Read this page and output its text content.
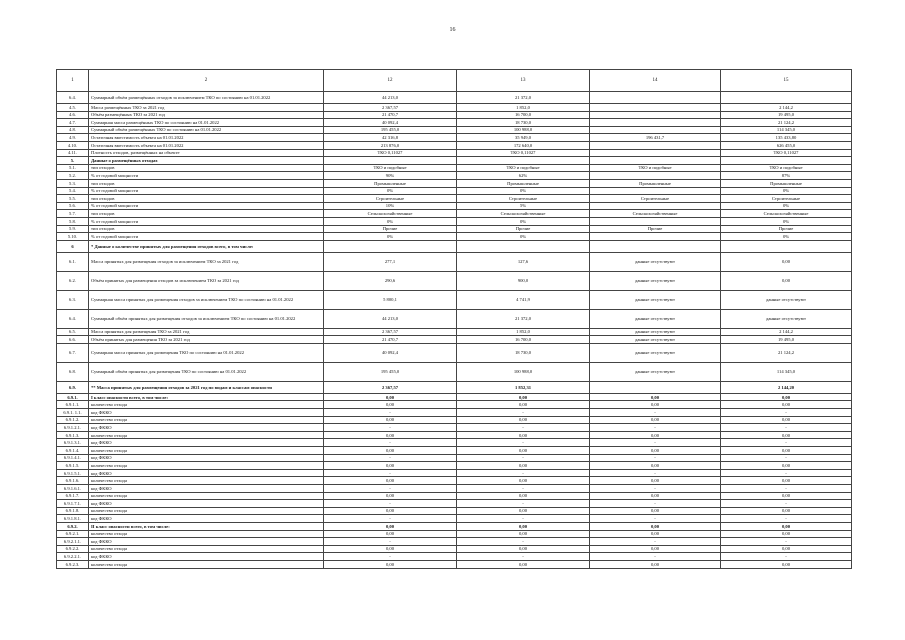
16
1	2	12	13	14	15
6.4.	Суммарный объём размещённых отходов за исключением ТКО по состоянию на 01.01.2022	44 213,0	21 372,0		
4.5.	Масса размещённых ТКО за 2021 год	2 367,57	1 852,0		2 144,2
4.6.	Объём размещённых ТКО за 2021 год	21 470,7	16 700,0		19 495,0
4.7.	Суммарная масса размещённых ТКО по состоянию на 01.01.2022	40 092,4	18 730,0		21 124,2
4.8.	Суммарный объём размещённых ТКО по состоянию на 01.01.2022	195 455,0	100 988,0		114 345,0
4.9.	Остаточная вместимость объекта на 01.01.2022	42 316,8	35 949,0	196 431,7	135 433,80
4.10.	Остаточная вместимость объекта на 01.01.2022	213 876,0	172 640,0		626 455,0
4.11.	Плотность отходов, размещённых на объекте	ТКО 0,11027	ТКО 0,11027		ТКО 0,11027
5.	Данные о размещённых отходах				
5.1.	тип отходов	ТКО и подобные	ТКО и подобные	ТКО и подобные	ТКО и подобные
5.2.	% от годовой мощности	90%	62%		87%
5.3.	тип отходов	Промышленные	Промышленные	Промышленные	Промышленные
5.4.	% от годовой мощности	0%	0%		0%
5.5.	тип отходов	Строительные	Строительные	Строительные	Строительные
5.6.	% от годовой мощности	10%	5%		0%
5.7.	тип отходов	Сельскохозяйственные	Сельскохозяйственные	Сельскохозяйственные	Сельскохозяйственные
5.8.	% от годовой мощности	0%	0%		0%
5.9.	тип отходов	Прочие	Прочие	Прочие	Прочие
5.10.	% от годовой мощности	0%	0%		0%
6	* Данные о количестве принятых для размещения отходов всего, в том числе:				
6.1.	Масса принятых для размещения отходов за исключением ТКО за 2021 год	277,1	127,6	данные отсутствуют	0,00
6.2.	Объём принятых для размещения отходов за исключением ТКО за 2021 год	290,6	900,0	данные отсутствуют	0,00
6.3.	Суммарная масса принятых для размещения отходов за исключением ТКО по состоянию на 01.01.2022	5 800,1	4 741,9	данные отсутствуют	данные отсутствуют
6.4.	Суммарный объём принятых для размещения отходов за исключением ТКО по состоянию на 01.01.2022	44 213,0	21 372,0	данные отсутствуют	данные отсутствуют
6.5.	Масса принятых для размещения ТКО за 2021 год	2 367,57	1 852,0	данные отсутствуют	2 144,2
6.6.	Объём принятых для размещения ТКО за 2021 год	21 470,7	16 700,0	данные отсутствуют	19 495,0
6.7.	Суммарная масса принятых для размещения ТКО по состоянию на 01.01.2022	40 092,4	18 730,0	данные отсутствуют	21 124,2
6.8.	Суммарный объём принятых для размещения ТКО по состоянию на 01.01.2022	195 455,0	100 988,0	данные отсутствуют	114 345,0
6.9.	** Масса принятых для размещения отходов за 2021 год по видам и классам опасности	2 367,57	1 852,31		2 144,20
6.9.1.	I класс опасности всего, в том числе:	0,00	0,00	0,00	0,00
6.9.1.1.	количество отхода	0,00	0,00	0,00	0,00
6.9.1. 1.1.	код ФККО	-	-	-	-
6.9.1.2.	количество отхода	0,00	0,00	0,00	0,00
6.9.1.2.1.	код ФККО	-	-	-	-
6.9.1.3.	количество отхода	0,00	0,00	0,00	0,00
6.9.1.3.1.	код ФККО	-	-	-	-
6.9.1.4.	количество отхода	0,00	0,00	0,00	0,00
6.9.1.4.1.	код ФККО	-	-	-	-
6.9.1.5.	количество отхода	0,00	0,00	0,00	0,00
6.9.1.5.1.	код ФККО	-	-	-	-
6.9.1.6.	количество отхода	0,00	0,00	0,00	0,00
6.9.1.6.1.	код ФККО	-	-	-	-
6.9.1.7.	количество отхода	0,00	0,00	0,00	0,00
6.9.1.7.1.	код ФККО	-	-	-	-
6.9.1.8.	количество отхода	0,00	0,00	0,00	0,00
6.9.1.8.1.	код ФККО	-	-	-	-
6.9.2.	II класс опасности всего, в том числе:	0,00	0,00	0,00	0,00
6.9.2.1.	количество отхода	0,00	0,00	0,00	0,00
6.9.2.1.1.	код ФККО	-	-	-	-
6.9.2.2.	количество отхода	0,00	0,00	0,00	0,00
6.9.2.2.1.	код ФККО	-	-	-	-
6.9.2.3.	количество отхода	0,00	0,00	0,00	0,00
